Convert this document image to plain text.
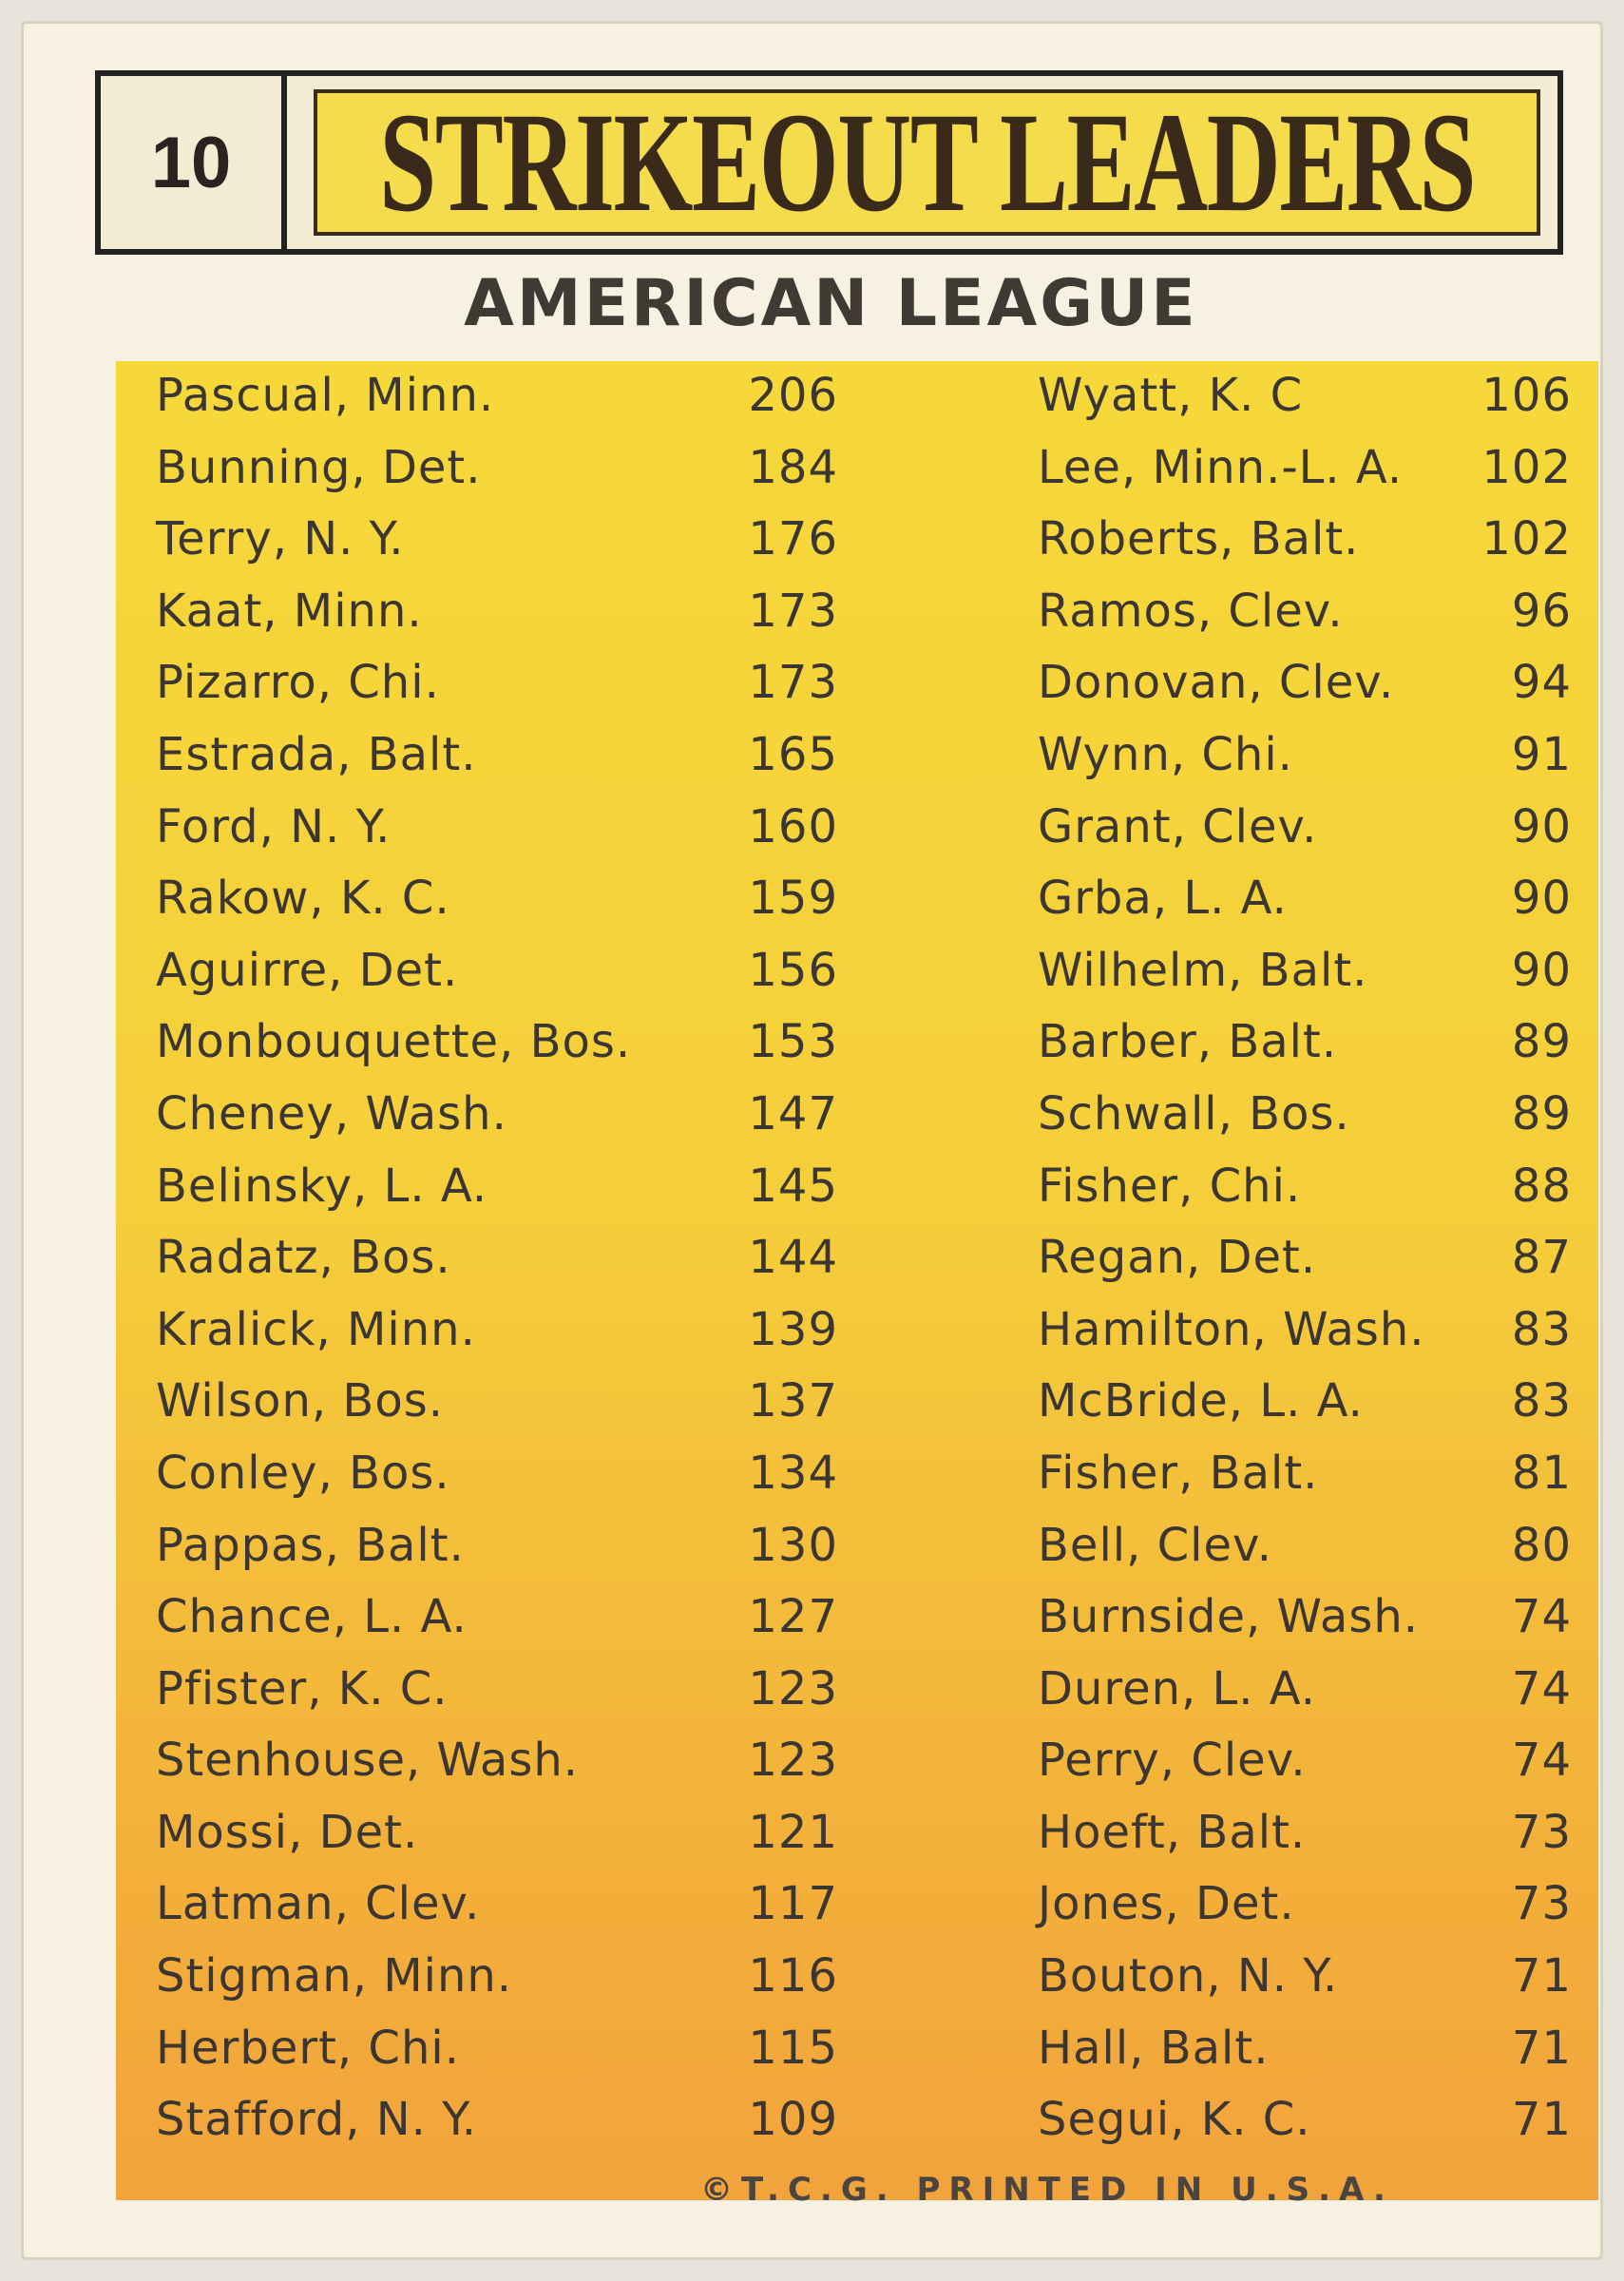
10	STRIKEOUT LEADERS
AMERICAN LEAGUE
Pascual, Minn.	206
Bunning, Det.	184
Terry, N. Y.	176
Kaat, Minn.	173
Pizarro, Chi.	173
Estrada, Balt.	165
Ford, N. Y.	160
Rakow, K. C.	159
Aguirre, Det.	156
Monbouquette, Bos.	153
Cheney, Wash.	147
Belinsky, L. A.	145
Radatz, Bos.	144
Kralick, Minn.	139
Wilson, Bos.	137
Conley, Bos.	134
Pappas, Balt.	130
Chance, L. A.	127
Pfister, K. C.	123
Stenhouse, Wash.	123
Mossi, Det.	121
Latman, Clev.	117
Stigman, Minn.	116
Herbert, Chi.	115
Stafford, N. Y.	109
Wyatt, K. C	106
Lee, Minn.-L. A.	102
Roberts, Balt.	102
Ramos, Clev.	96
Donovan, Clev.	94
Wynn, Chi.	91
Grant, Clev.	90
Grba, L. A.	90
Wilhelm, Balt.	90
Barber, Balt.	89
Schwall, Bos.	89
Fisher, Chi.	88
Regan, Det.	87
Hamilton, Wash.	83
McBride, L. A.	83
Fisher, Balt.	81
Bell, Clev.	80
Burnside, Wash.	74
Duren, L. A.	74
Perry, Clev.	74
Hoeft, Balt.	73
Jones, Det.	73
Bouton, N. Y.	71
Hall, Balt.	71
Segui, K. C.	71
©T.C.G. PRINTED IN U.S.A.
